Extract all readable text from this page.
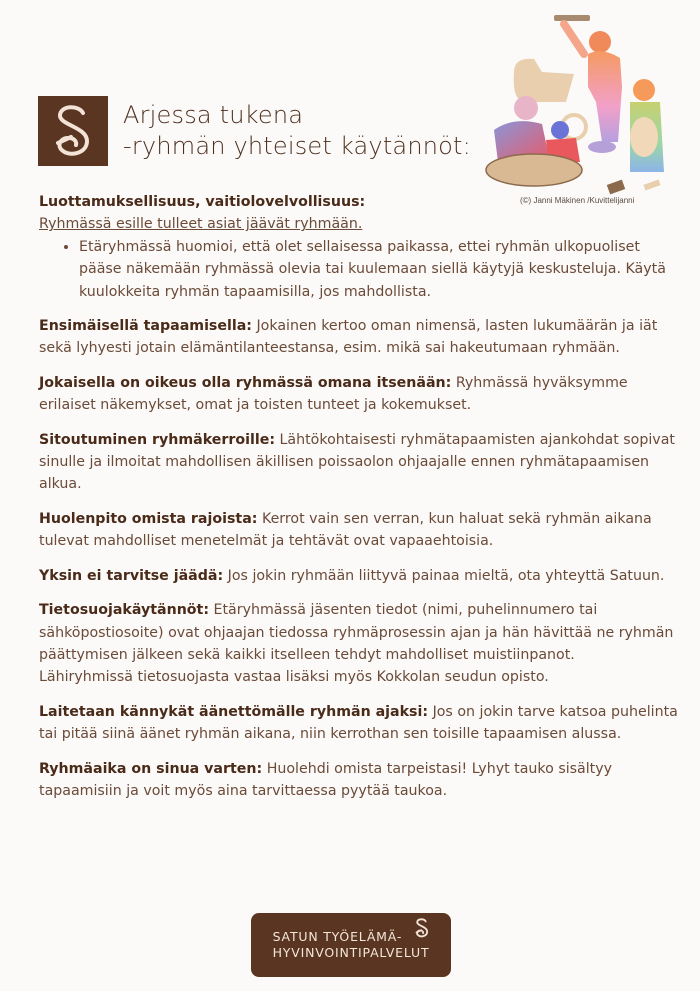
Arjessa tukena
-ryhmän yhteiset käytännöt:
(©) Janni Mäkinen /Kuvittelijanni
Luottamuksellisuus, vaitiolovelvollisuus:
Ryhmässä esille tulleet asiat jäävät ryhmään.
• Etäryhmässä huomioi, että olet sellaisessa paikassa, ettei ryhmän ulkopuoliset pääse näkemään ryhmässä olevia tai kuulemaan siellä käytyjä keskusteluja. Käytä kuulokkeita ryhmän tapaamisilla, jos mahdollista.

Ensimäisellä tapaamisella: Jokainen kertoo oman nimensä, lasten lukumäärän ja iät sekä lyhyesti jotain elämäntilanteestansa, esim. mikä sai hakeutumaan ryhmään.

Jokaisella on oikeus olla ryhmässä omana itsenään: Ryhmässä hyväksymme erilaiset näkemykset, omat ja toisten tunteet ja kokemukset.

Sitoutuminen ryhmäkerroille: Lähtökohtaisesti ryhmätapaamisten ajankohdat sopivat sinulle ja ilmoitat mahdollisen äkillisen poissaolon ohjaajalle ennen ryhmätapaamisen alkua.

Huolenpito omista rajoista: Kerrot vain sen verran, kun haluat sekä ryhmän aikana tulevat mahdolliset menetelmät ja tehtävät ovat vapaaehtoisia.

Yksin ei tarvitse jäädä: Jos jokin ryhmään liittyvä painaa mieltä, ota yhteyttä Satuun.

Tietosuojakäytännöt: Etäryhmässä jäsenten tiedot (nimi, puhelinnumero tai sähköpostiosoite) ovat ohjaajan tiedossa ryhmäprosessin ajan ja hän hävittää ne ryhmän päättymisen jälkeen sekä kaikki itselleen tehdyt mahdolliset muistiinpanot.
Lähiryhmissä tietosuojasta vastaa lisäksi myös Kokkolan seudun opisto.

Laitetaan kännykät äänettömälle ryhmän ajaksi: Jos on jokin tarve katsoa puhelinta tai pitää siinä äänet ryhmän aikana, niin kerrothan sen toisille tapaamisen alussa.

Ryhmäaika on sinua varten: Huolehdi omista tarpeistasi! Lyhyt tauko sisältyy tapaamisiin ja voit myös aina tarvittaessa pyytää taukoa.

SATUN TYÖELÄMÄ-
HYVINVOINTIPALVELUT
